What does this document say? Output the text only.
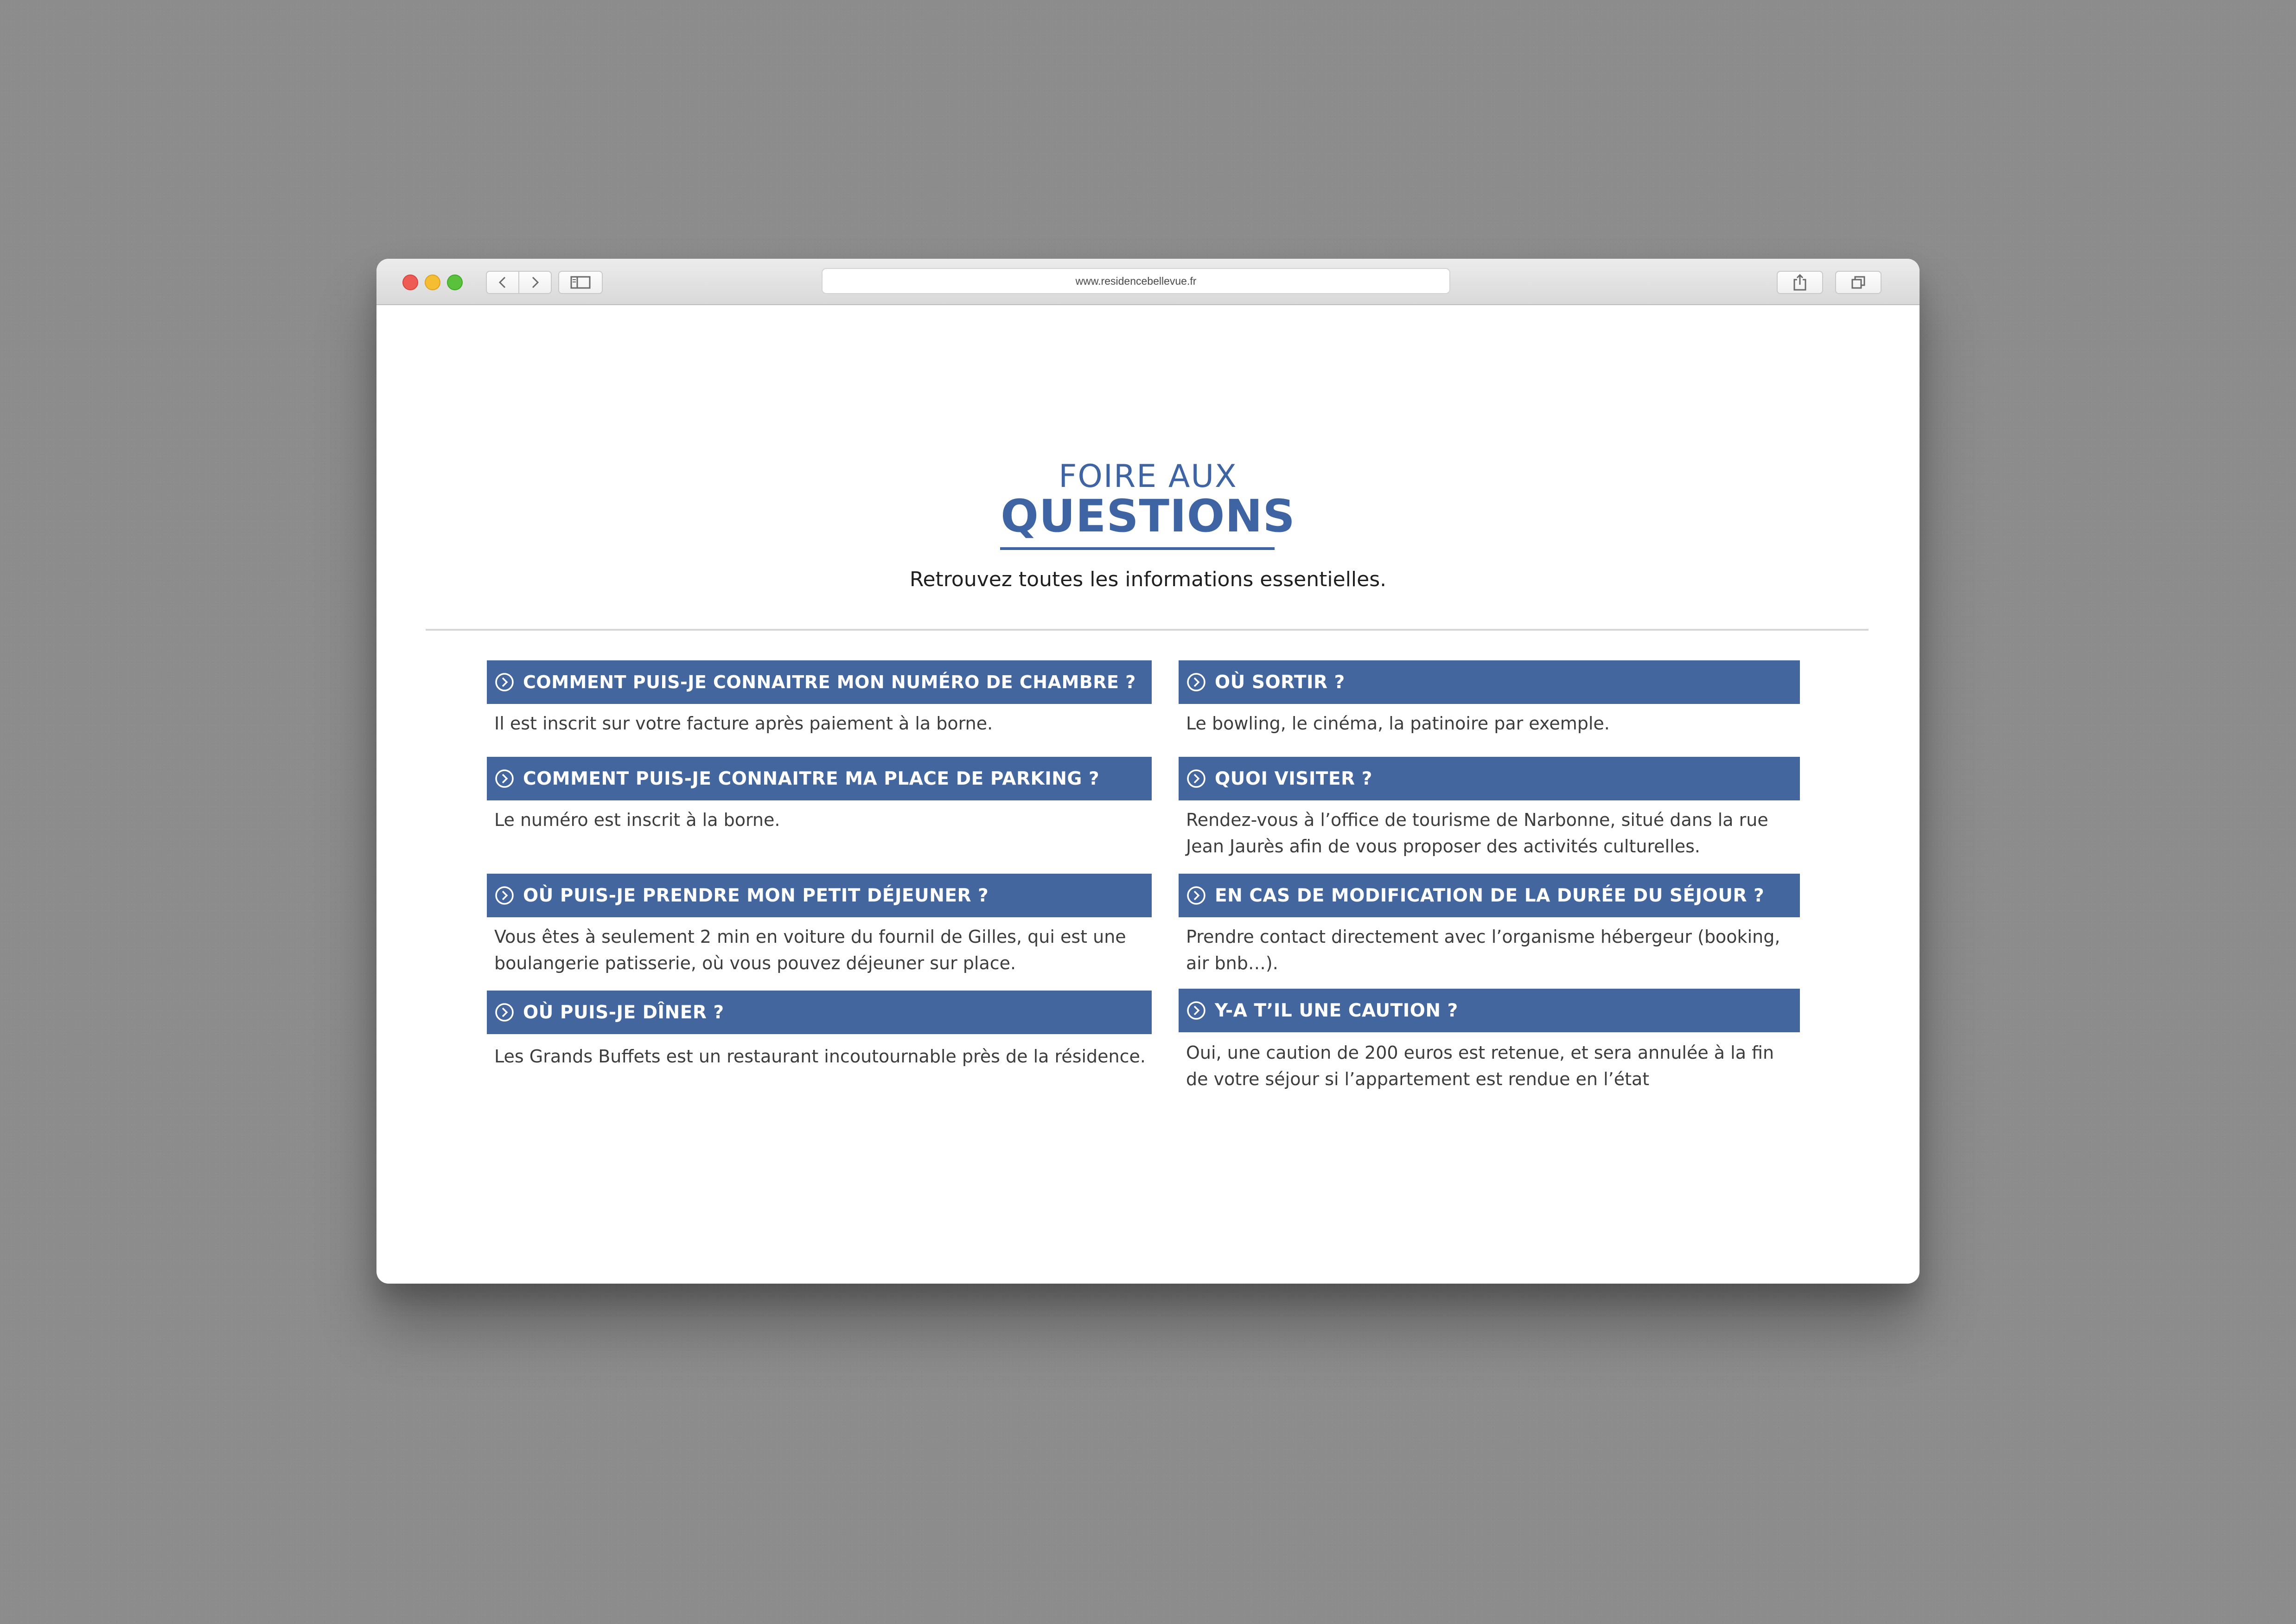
www.residencebellevue.fr
FOIRE AUX
QUESTIONS
Retrouvez toutes les informations essentielles.
COMMENT PUIS-JE CONNAITRE MON NUMÉRO DE CHAMBRE ?
Il est inscrit sur votre facture après paiement à la borne.
COMMENT PUIS-JE CONNAITRE MA PLACE DE PARKING ?
Le numéro est inscrit à la borne.
OÙ PUIS-JE PRENDRE MON PETIT DÉJEUNER ?
Vous êtes à seulement 2 min en voiture du fournil de Gilles, qui est une boulangerie patisserie, où vous pouvez déjeuner sur place.
OÙ PUIS-JE DÎNER ?
Les Grands Buffets est un restaurant incoutournable près de la résidence.
OÙ SORTIR ?
Le bowling, le cinéma, la patinoire par exemple.
QUOI VISITER ?
Rendez-vous à l’office de tourisme de Narbonne, situé dans la rue Jean Jaurès afin de vous proposer des activités culturelles.
EN CAS DE MODIFICATION DE LA DURÉE DU SÉJOUR ?
Prendre contact directement avec l’organisme hébergeur (booking, air bnb…).
Y-A T’IL UNE CAUTION ?
Oui, une caution de 200 euros est retenue, et sera annulée à la fin de votre séjour si l’appartement est rendue en l’état
